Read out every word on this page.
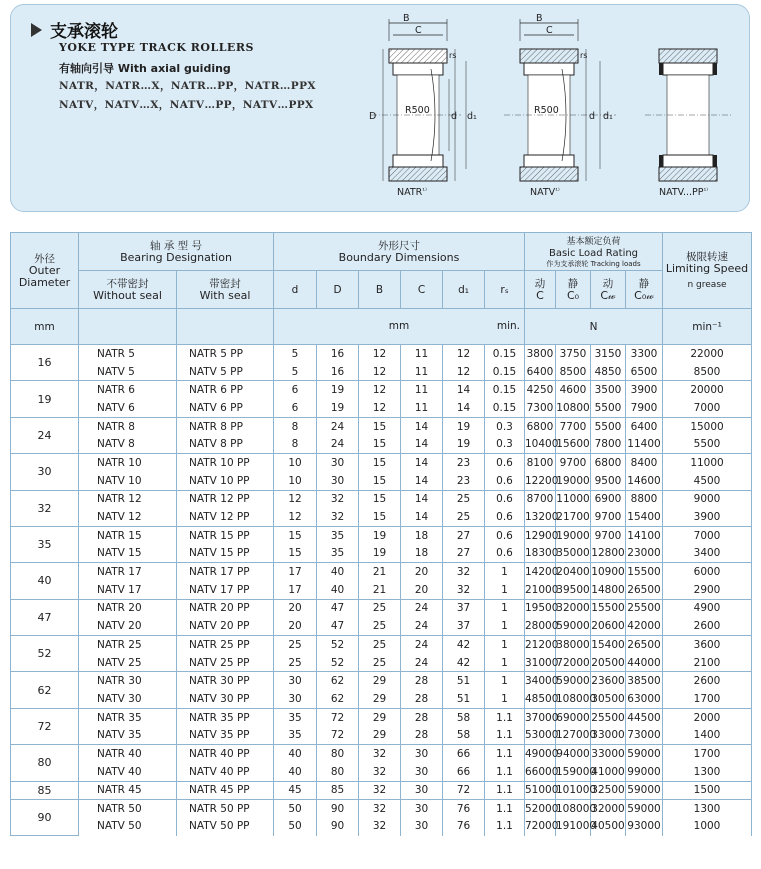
支承滚轮
YOKE TYPE TRACK ROLLERS
有轴向引导 With axial guiding
NATR，NATR…X，NATR…PP，NATR…PPX
NATV，NATV…X，NATV…PP，NATV…PPX
B
C
rs
D
R500
d d₁
$NATR^{^{1)}}$
B
C
rs
R500
d d₁
$NATV^{^{1)}}$	$NATV...PP^{^{1)}}$
外径
Outer Diameter	轴 承 型 号
Bearing Designation		外形尺寸
Boundary Dimensions						基本额定负荷
Basic Load Rating
作为支承滚轮 Tracking loads				极限转速
Limiting Speed
n grease

	不带密封
Without seal	带密封
With seal	d	D	B	C	d₁	rₛ	动
C	静
C₀	动
C𝓌	静
C₀𝓌	

mm			mm min.						N				min⁻¹
16	NATR 5	NATR 5 PP	5	16	12	11	12	0.15	3800	3750	3150	3300	22000
	NATV 5	NATV 5 PP	5	16	12	11	12	0.15	6400	8500	4850	6500	8500
19	NATR 6	NATR 6 PP	6	19	12	11	14	0.15	4250	4600	3500	3900	20000
	NATV 6	NATV 6 PP	6	19	12	11	14	0.15	7300	10800	5500	7900	7000
24	NATR 8	NATR 8 PP	8	24	15	14	19	0.3	6800	7700	5500	6400	15000
	NATV 8	NATV 8 PP	8	24	15	14	19	0.3	10400	15600	7800	11400	5500
30	NATR 10	NATR 10 PP	10	30	15	14	23	0.6	8100	9700	6800	8400	11000
	NATV 10	NATV 10 PP	10	30	15	14	23	0.6	12200	19000	9500	14600	4500
32	NATR 12	NATR 12 PP	12	32	15	14	25	0.6	8700	11000	6900	8800	9000
	NATV 12	NATV 12 PP	12	32	15	14	25	0.6	13200	21700	9700	15400	3900
35	NATR 15	NATR 15 PP	15	35	19	18	27	0.6	12900	19000	9700	14100	7000
	NATV 15	NATV 15 PP	15	35	19	18	27	0.6	18300	35000	12800	23000	3400
40	NATR 17	NATR 17 PP	17	40	21	20	32	1	14200	20400	10900	15500	6000
	NATV 17	NATV 17 PP	17	40	21	20	32	1	21000	39500	14800	26500	2900
47	NATR 20	NATR 20 PP	20	47	25	24	37	1	19500	32000	15500	25500	4900
	NATV 20	NATV 20 PP	20	47	25	24	37	1	28000	59000	20600	42000	2600
52	NATR 25	NATR 25 PP	25	52	25	24	42	1	21200	38000	15400	26500	3600
	NATV 25	NATV 25 PP	25	52	25	24	42	1	31000	72000	20500	44000	2100
62	NATR 30	NATR 30 PP	30	62	29	28	51	1	34000	59000	23600	38500	2600
	NATV 30	NATV 30 PP	30	62	29	28	51	1	48500	108000	30500	63000	1700
72	NATR 35	NATR 35 PP	35	72	29	28	58	1.1	37000	69000	25500	44500	2000
	NATV 35	NATV 35 PP	35	72	29	28	58	1.1	53000	127000	33000	73000	1400
80	NATR 40	NATR 40 PP	40	80	32	30	66	1.1	49000	94000	33000	59000	1700
	NATV 40	NATV 40 PP	40	80	32	30	66	1.1	66000	159000	41000	99000	1300
85	NATR 45	NATR 45 PP	45	85	32	30	72	1.1	51000	101000	32500	59000	1500
90	NATR 50	NATR 50 PP	50	90	32	30	76	1.1	52000	108000	32000	59000	1300
	NATV 50	NATV 50 PP	50	90	32	30	76	1.1	72000	191000	40500	93000	1000
